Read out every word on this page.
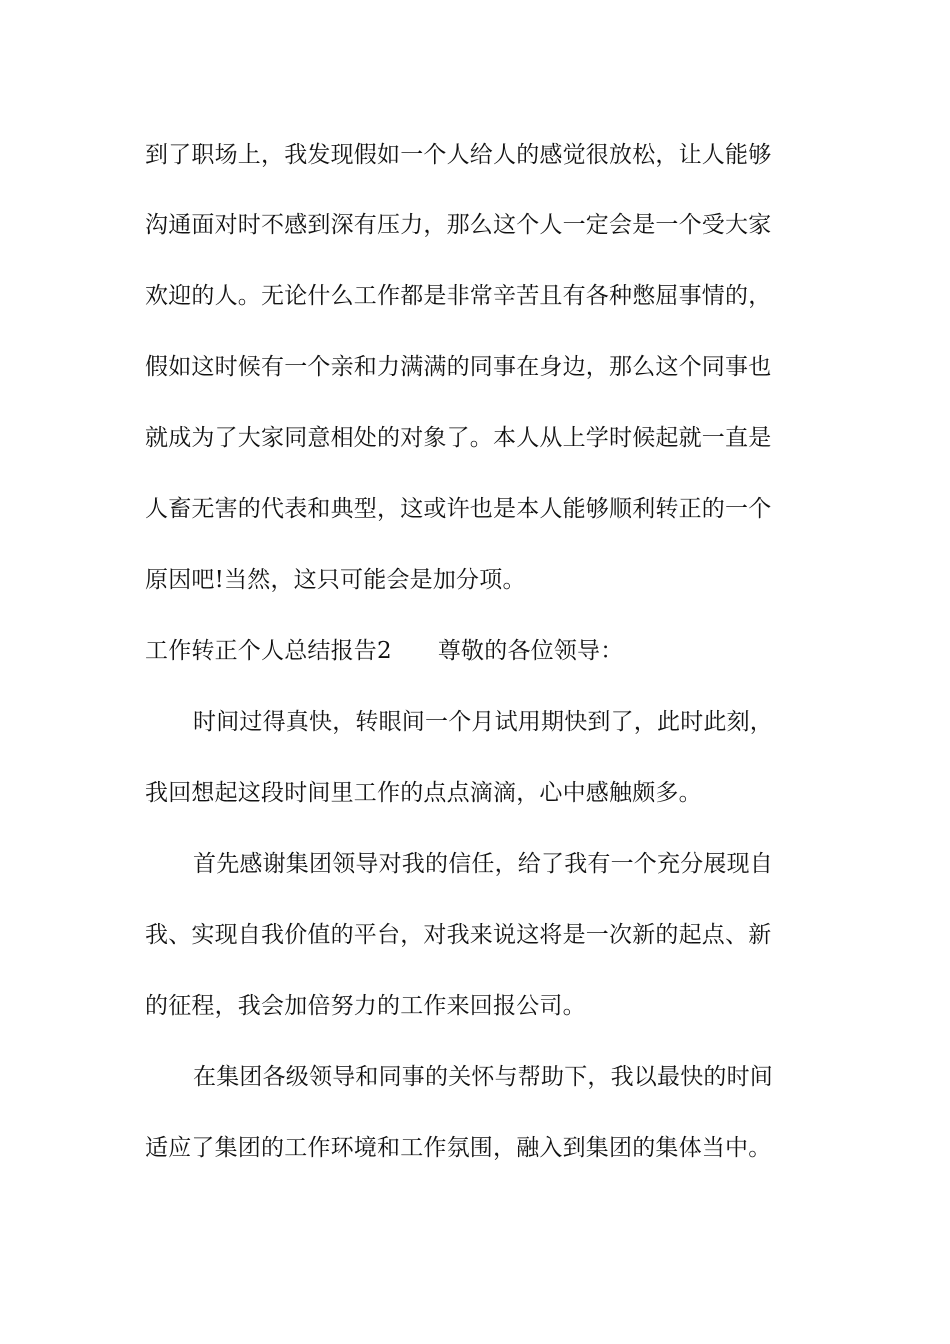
到了职场上，我发现假如一个人给人的感觉很放松，让人能够
沟通面对时不感到深有压力，那么这个人一定会是一个受大家
欢迎的人。无论什么工作都是非常辛苦且有各种憋屈事情的，
假如这时候有一个亲和力满满的同事在身边，那么这个同事也
就成为了大家同意相处的对象了。本人从上学时候起就一直是
人畜无害的代表和典型，这或许也是本人能够顺利转正的一个
原因吧!当然，这只可能会是加分项。
工作转正个人总结报告2 尊敬的各位领导：
时间过得真快，转眼间一个月试用期快到了，此时此刻，
我回想起这段时间里工作的点点滴滴，心中感触颇多。
首先感谢集团领导对我的信任，给了我有一个充分展现自
我、实现自我价值的平台，对我来说这将是一次新的起点、新
的征程，我会加倍努力的工作来回报公司。
在集团各级领导和同事的关怀与帮助下，我以最快的时间
适应了集团的工作环境和工作氛围，融入到集团的集体当中。
